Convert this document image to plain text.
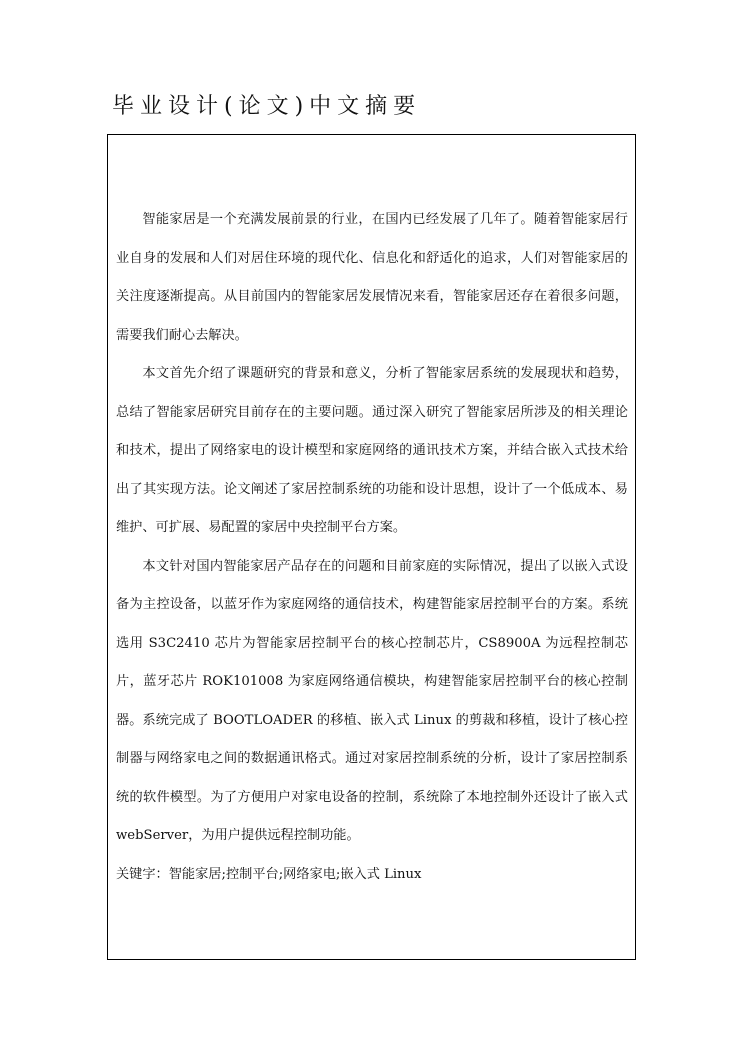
毕业设计(论文)中文摘要

智能家居是一个充满发展前景的行业，在国内已经发展了几年了。随着智能家居行业自身的发展和人们对居住环境的现代化、信息化和舒适化的追求，人们对智能家居的关注度逐渐提高。从目前国内的智能家居发展情况来看，智能家居还存在着很多问题，需要我们耐心去解决。

本文首先介绍了课题研究的背景和意义，分析了智能家居系统的发展现状和趋势，总结了智能家居研究目前存在的主要问题。通过深入研究了智能家居所涉及的相关理论和技术，提出了网络家电的设计模型和家庭网络的通讯技术方案，并结合嵌入式技术给出了其实现方法。论文阐述了家居控制系统的功能和设计思想，设计了一个低成本、易维护、可扩展、易配置的家居中央控制平台方案。

本文针对国内智能家居产品存在的问题和目前家庭的实际情况，提出了以嵌入式设备为主控设备，以蓝牙作为家庭网络的通信技术，构建智能家居控制平台的方案。系统选用 S3C2410 芯片为智能家居控制平台的核心控制芯片，CS8900A 为远程控制芯片，蓝牙芯片 ROK101008 为家庭网络通信模块，构建智能家居控制平台的核心控制器。系统完成了 BOOTLOADER 的移植、嵌入式 Linux 的剪裁和移植，设计了核心控制器与网络家电之间的数据通讯格式。通过对家居控制系统的分析，设计了家居控制系统的软件模型。为了方便用户对家电设备的控制，系统除了本地控制外还设计了嵌入式 webServer，为用户提供远程控制功能。

关键字：智能家居;控制平台;网络家电;嵌入式 Linux
